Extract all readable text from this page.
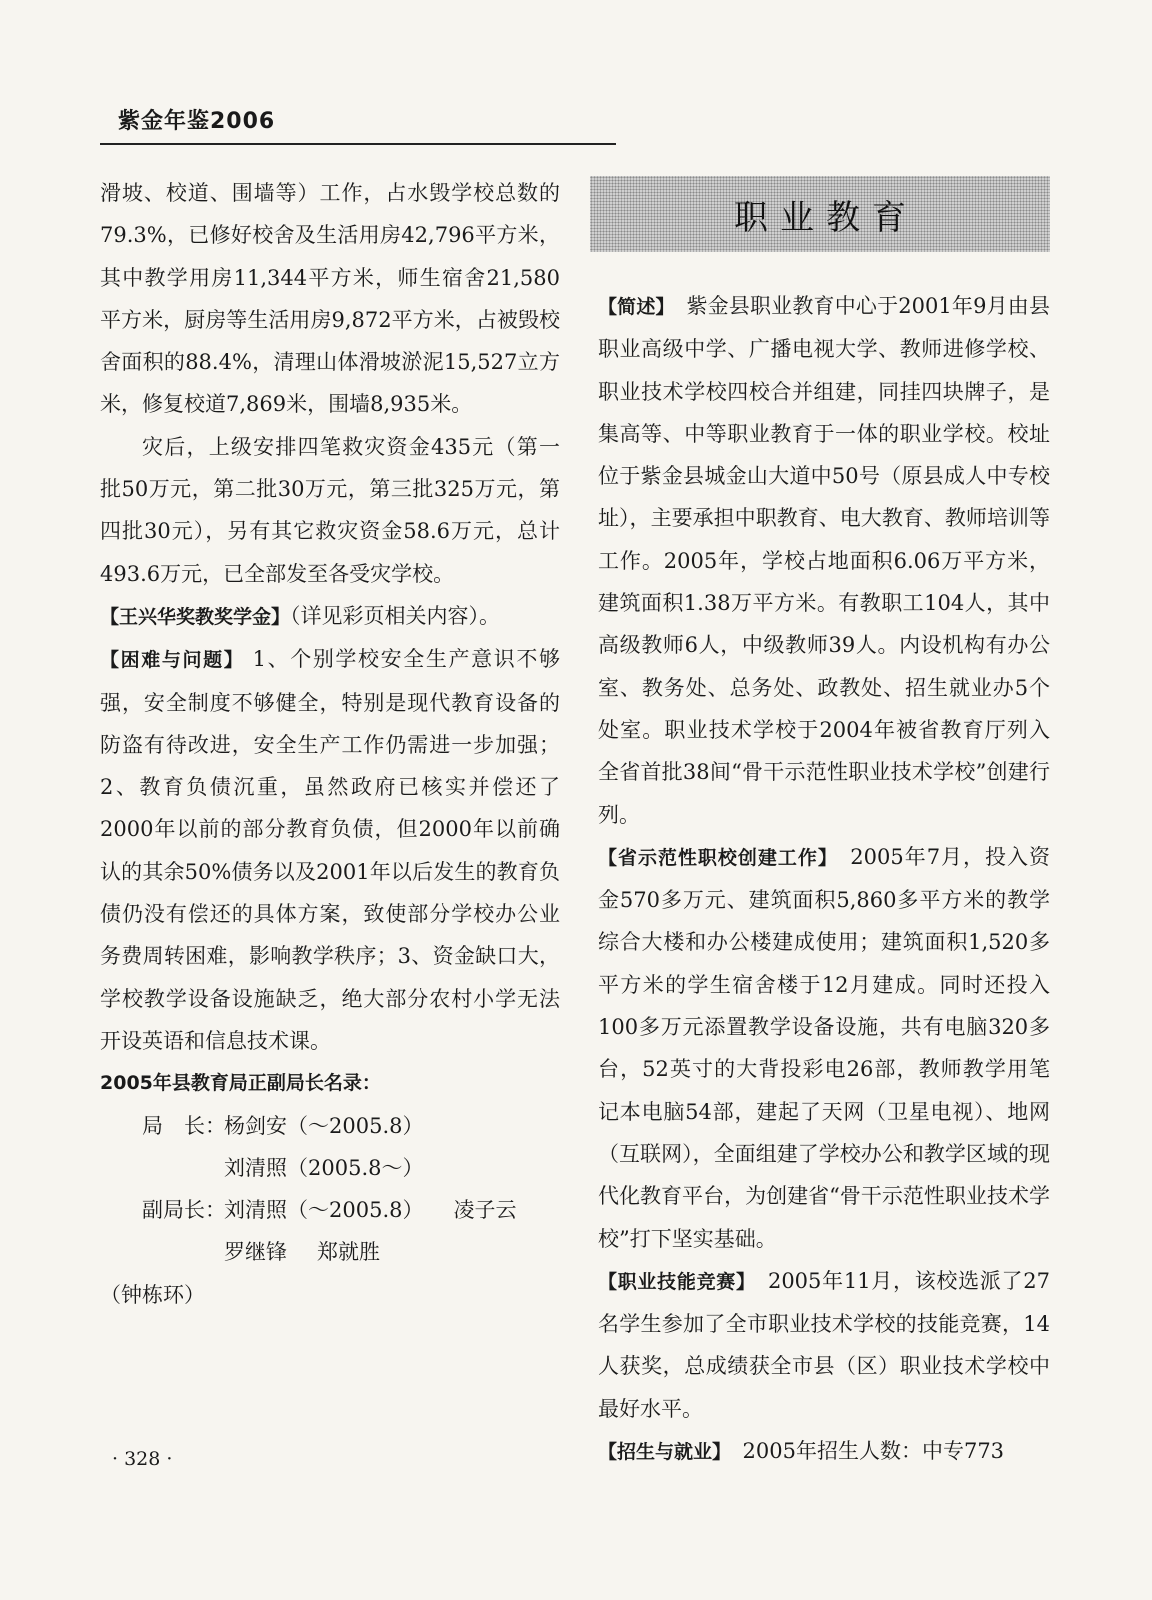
紫金年鉴2006

滑坡、校道、围墙等）工作，占水毁学校总数的79.3%，已修好校舍及生活用房42,796平方米，其中教学用房11,344平方米，师生宿舍21,580平方米，厨房等生活用房9,872平方米，占被毁校舍面积的88.4%，清理山体滑坡淤泥15,527立方米，修复校道7,869米，围墙8,935米。

灾后，上级安排四笔救灾资金435元（第一批50万元，第二批30万元，第三批325万元，第四批30元），另有其它救灾资金58.6万元，总计493.6万元，已全部发至各受灾学校。

【王兴华奖教奖学金】（详见彩页相关内容）。

【困难与问题】 1、个别学校安全生产意识不够强，安全制度不够健全，特别是现代教育设备的防盗有待改进，安全生产工作仍需进一步加强；2、教育负债沉重，虽然政府已核实并偿还了2000年以前的部分教育负债，但2000年以前确认的其余50%债务以及2001年以后发生的教育负债仍没有偿还的具体方案，致使部分学校办公业务费周转困难，影响教学秩序；3、资金缺口大，学校教学设备设施缺乏，绝大部分农村小学无法开设英语和信息技术课。

2005年县教育局正副局长名录：

局　长：杨剑安（～2005.8）
刘清照（2005.8～）
副局长：刘清照（～2005.8） 凌子云
罗继锋 郑就胜

（钟栋环）

职业教育

【简述】　 紫金县职业教育中心于2001年9月由县职业高级中学、广播电视大学、教师进修学校、职业技术学校四校合并组建，同挂四块牌子，是集高等、中等职业教育于一体的职业学校。校址位于紫金县城金山大道中50号（原县成人中专校址），主要承担中职教育、电大教育、教师培训等工作。2005年，学校占地面积6.06万平方米，建筑面积1.38万平方米。有教职工104人，其中高级教师6人，中级教师39人。内设机构有办公室、教务处、总务处、政教处、招生就业办5个处室。职业技术学校于2004年被省教育厅列入全省首批38间“骨干示范性职业技术学校”创建行列。

【省示范性职校创建工作】　 2005年7月，投入资金570多万元、建筑面积5,860多平方米的教学综合大楼和办公楼建成使用；建筑面积1,520多平方米的学生宿舍楼于12月建成。同时还投入100多万元添置教学设备设施，共有电脑320多台，52英寸的大背投彩电26部，教师教学用笔记本电脑54部，建起了天网（卫星电视）、地网（互联网），全面组建了学校办公和教学区域的现代化教育平台，为创建省“骨干示范性职业技术学校”打下坚实基础。

【职业技能竞赛】　 2005年11月，该校选派了27名学生参加了全市职业技术学校的技能竞赛，14人获奖，总成绩获全市县（区）职业技术学校中最好水平。

【招生与就业】　 2005年招生人数：中专773

· 328 ·
